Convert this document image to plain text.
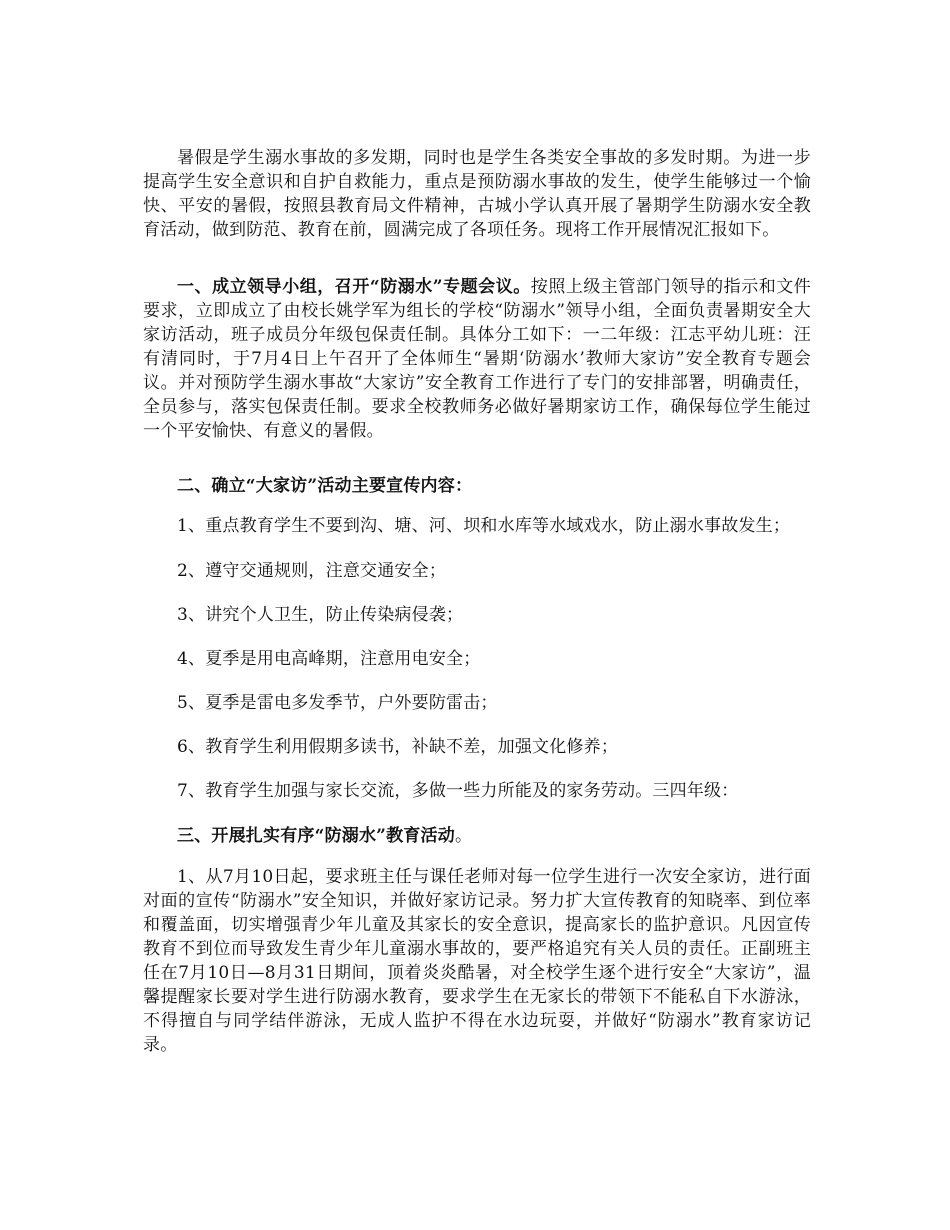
暑假是学生溺水事故的多发期，同时也是学生各类安全事故的多发时期。为进一步提高学生安全意识和自护自救能力，重点是预防溺水事故的发生，使学生能够过一个愉快、平安的暑假，按照县教育局文件精神，古城小学认真开展了暑期学生防溺水安全教育活动，做到防范、教育在前，圆满完成了各项任务。现将工作开展情况汇报如下。

一、成立领导小组，召开“防溺水”专题会议。按照上级主管部门领导的指示和文件要求，立即成立了由校长姚学军为组长的学校“防溺水”领导小组，全面负责暑期安全大家访活动，班子成员分年级包保责任制。具体分工如下：一二年级：江志平幼儿班：汪有清同时，于7月4日上午召开了全体师生“暑期‘防溺水’教师大家访”安全教育专题会议。并对预防学生溺水事故“大家访”安全教育工作进行了专门的安排部署，明确责任，全员参与，落实包保责任制。要求全校教师务必做好暑期家访工作，确保每位学生能过一个平安愉快、有意义的暑假。

二、确立“大家访”活动主要宣传内容：

1、重点教育学生不要到沟、塘、河、坝和水库等水域戏水，防止溺水事故发生；

2、遵守交通规则，注意交通安全；

3、讲究个人卫生，防止传染病侵袭；

4、夏季是用电高峰期，注意用电安全；

5、夏季是雷电多发季节，户外要防雷击；

6、教育学生利用假期多读书，补缺不差，加强文化修养；

7、教育学生加强与家长交流，多做一些力所能及的家务劳动。三四年级：

三、开展扎实有序“防溺水”教育活动。

1、从7月10日起，要求班主任与课任老师对每一位学生进行一次安全家访，进行面对面的宣传“防溺水”安全知识，并做好家访记录。努力扩大宣传教育的知晓率、到位率和覆盖面，切实增强青少年儿童及其家长的安全意识，提高家长的监护意识。凡因宣传教育不到位而导致发生青少年儿童溺水事故的，要严格追究有关人员的责任。正副班主任在7月10日—8月31日期间，顶着炎炎酷暑，对全校学生逐个进行安全“大家访”，温馨提醒家长要对学生进行防溺水教育，要求学生在无家长的带领下不能私自下水游泳，不得擅自与同学结伴游泳，无成人监护不得在水边玩耍，并做好“防溺水”教育家访记录。
